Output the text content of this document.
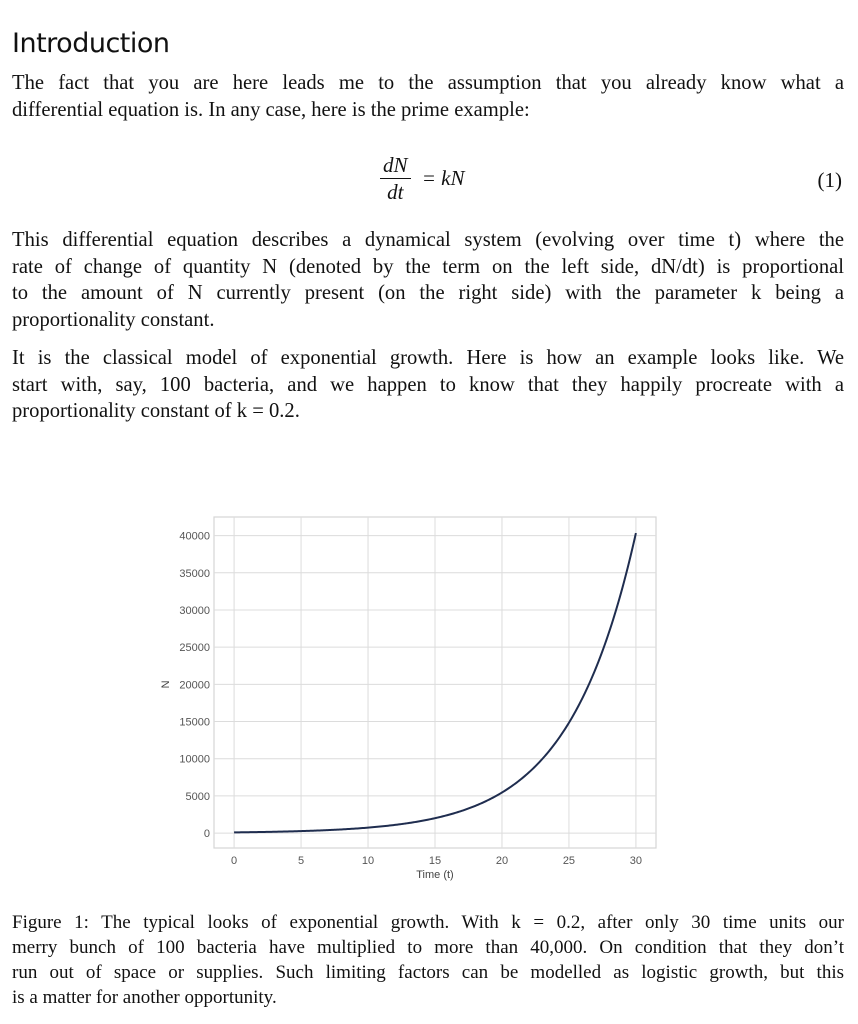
Introduction
The fact that you are here leads me to the assumption that you already know what a
differential equation is. In any case, here is the prime example:
$\frac{dN}{dt}$ = kN	(1)
This differential equation describes a dynamical system (evolving over time t) where the
rate of change of quantity N (denoted by the term on the left side, dN/dt) is proportional
to the amount of N currently present (on the right side) with the parameter k being a
proportionality constant.
It is the classical model of exponential growth. Here is how an example looks like. We
start with, say, 100 bacteria, and we happen to know that they happily procreate with a
proportionality constant of k = 0.2.
0	5	10	15	20	25	30
0
5000
10000
15000
20000
25000
30000
35000
40000
Time (t)
N
Figure 1: The typical looks of exponential growth. With k = 0.2, after only 30 time units our
merry bunch of 100 bacteria have multiplied to more than 40,000. On condition that they don’t
run out of space or supplies. Such limiting factors can be modelled as logistic growth, but this
is a matter for another opportunity.
